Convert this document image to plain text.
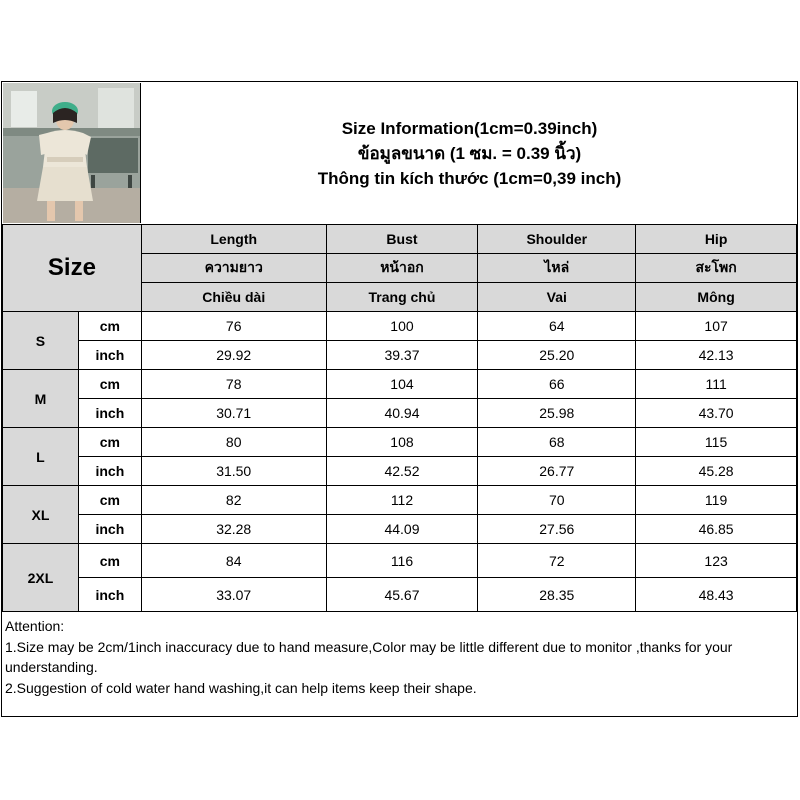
Size Information(1cm=0.39inch)
ข้อมูลขนาด (1 ซม. = 0.39 นิ้ว)
Thông tin kích thước (1cm=0,39 inch)
Size		Length	Bust	Shoulder	Hip
		ความยาว	หน้าอก	ไหล่	สะโพก
		Chiều dài	Trang chủ	Vai	Mông
S	cm	76	100	64	107
	inch	29.92	39.37	25.20	42.13
M	cm	78	104	66	111
	inch	30.71	40.94	25.98	43.70
L	cm	80	108	68	115
	inch	31.50	42.52	26.77	45.28
XL	cm	82	112	70	119
	inch	32.28	44.09	27.56	46.85
2XL	cm	84	116	72	123
	inch	33.07	45.67	28.35	48.43
Attention:
1.Size may be 2cm/1inch inaccuracy due to hand measure,Color may be little different due to monitor ,thanks for your understanding.
2.Suggestion of cold water hand washing,it can help items keep their shape.
